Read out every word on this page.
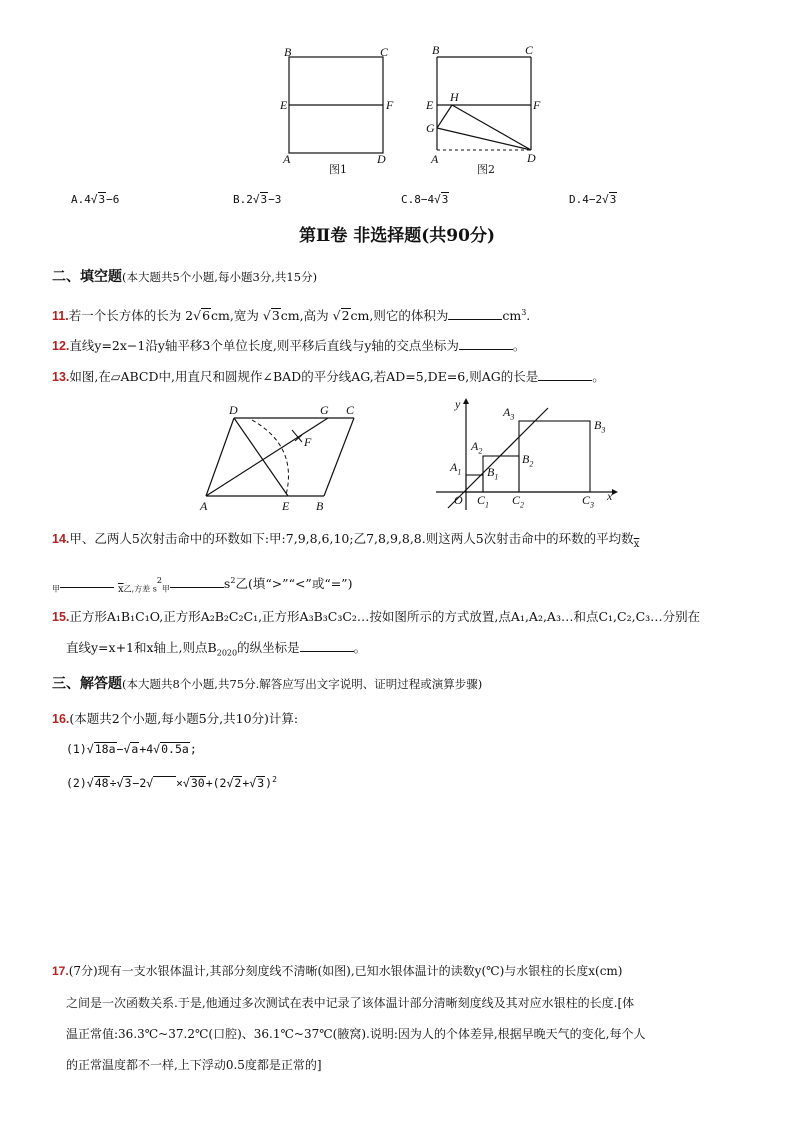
B	C
E	F
A	D
图1
B	C
E
H
F
G
A	D
图2
A.4√3−6	B.2√3−3	C.8−4√3	D.4−2√3
第Ⅱ卷 非选择题(共90分)
二、填空题(本大题共5个小题,每小题3分,共15分)
11.若一个长方体的长为 2√6cm,宽为 √3cm,高为 √2cm,则它的体积为	$cm^3$.
12.直线y=2x−1沿y轴平移3个单位长度,则平移后直线与y轴的交点坐标为	。
13.如图,在▱ABCD中,用直尺和圆规作∠BAD的平分线AG,若AD=5,DE=6,则AG的长是	。
D	G C
F
A	E B
y
x
O
$A_1$
$A_2$
$A_3$
$B_1$
$B_2$
$B_3$
$C_1$ $C_2$	$C_3$
14.甲、乙两人5次射击命中的环数如下:甲:7,9,8,6,10;乙7,8,9,8,8.则这两人5次射击命中的环数的平均数$_{\overline{x}}$
$_甲$	$_{\overline{x}乙,方差 s}^2_甲$	$s^2$乙(填“>”“<”或“=”)
15.正方形A₁B₁C₁O,正方形A₂B₂C₂C₁,正方形A₃B₃C₃C₂…按如图所示的方式放置,点A₁,A₂,A₃…和点C₁,C₂,C₃…分别在
直线y=x+1和x轴上,则点$B_{2020}$的纵坐标是	。
三、解答题(本大题共8个小题,共75分.解答应写出文字说明、证明过程或演算步骤)
16.(本题共2个小题,每小题5分,共10分)计算:
(1)√18a−√a+4√0.5a;
$(2)√48\div√3-2√ \times√30+(2√2+√3)^2$
17.(7分)现有一支水银体温计,其部分刻度线不清晰(如图),已知水银体温计的读数y(℃)与水银柱的长度x(cm)
之间是一次函数关系.于是,他通过多次测试在表中记录了该体温计部分清晰刻度线及其对应水银柱的长度.[体
温正常值:36.3℃~37.2℃(口腔)、36.1℃~37℃(腋窝).说明:因为人的个体差异,根据早晚天气的变化,每个人
的正常温度都不一样,上下浮动0.5度都是正常的]
